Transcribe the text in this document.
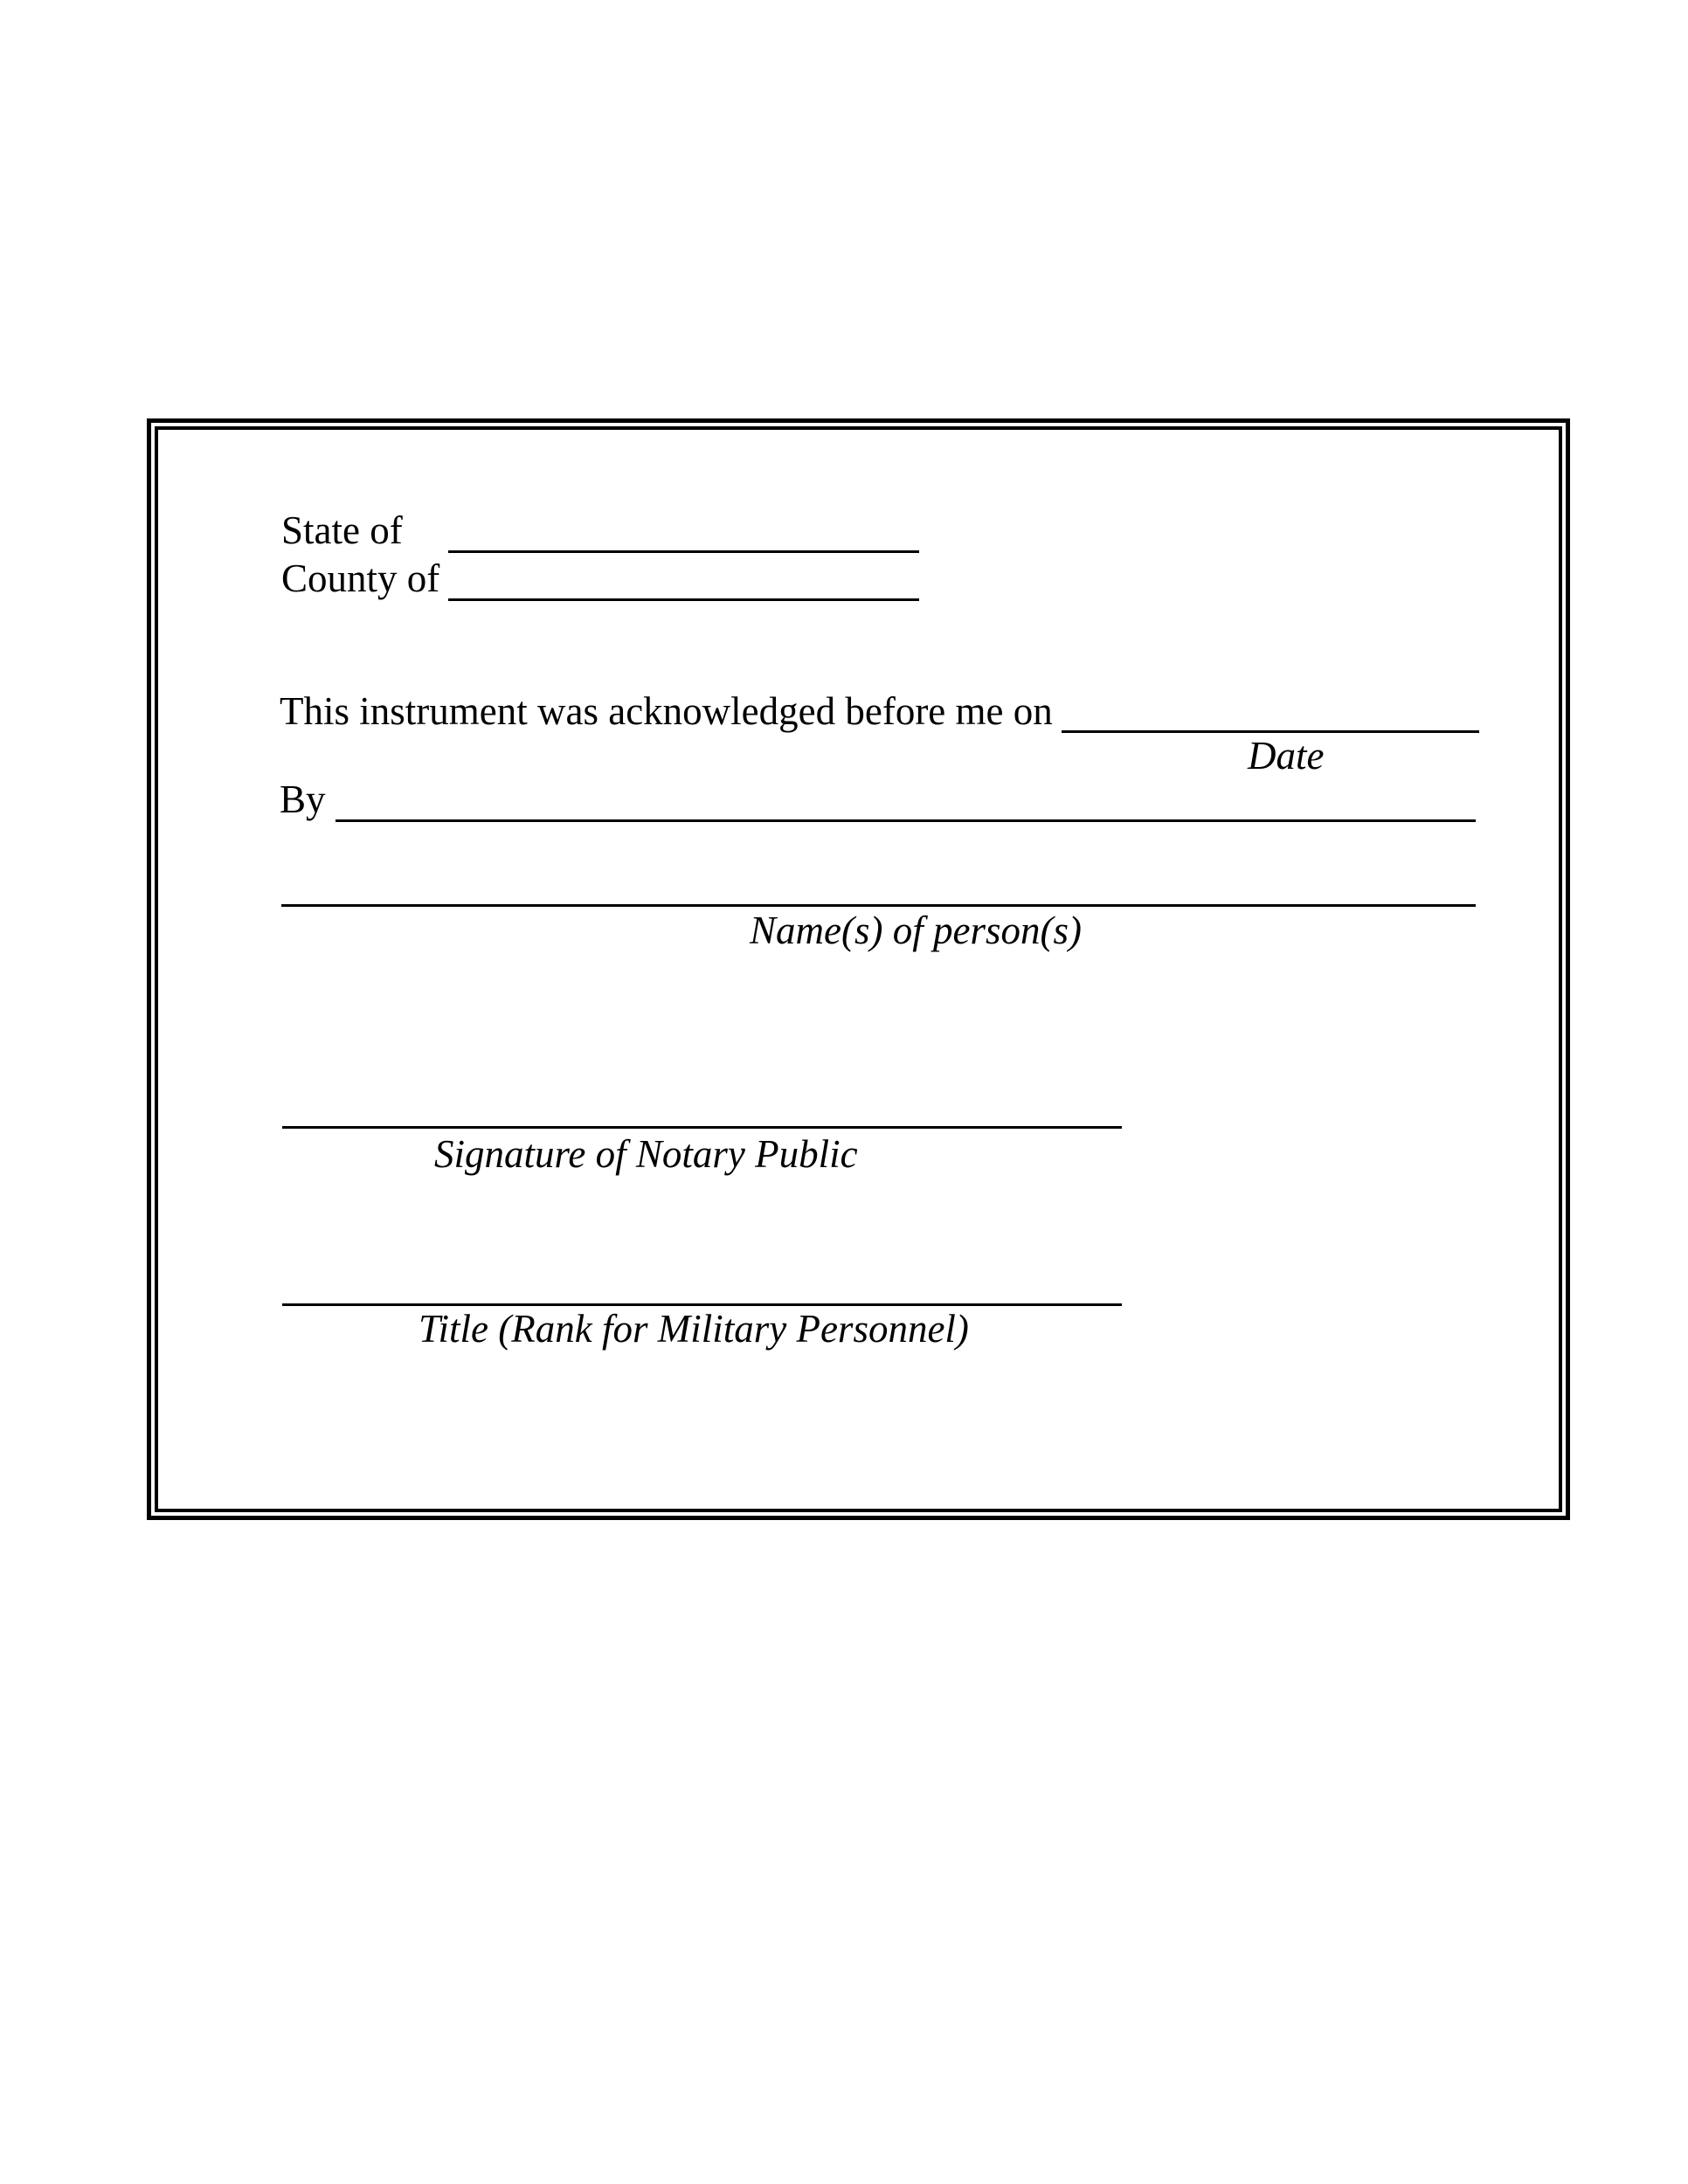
State of
County of
This instrument was acknowledged before me on
Date
By
Name(s) of person(s)
Signature of Notary Public
Title (Rank for Military Personnel)
